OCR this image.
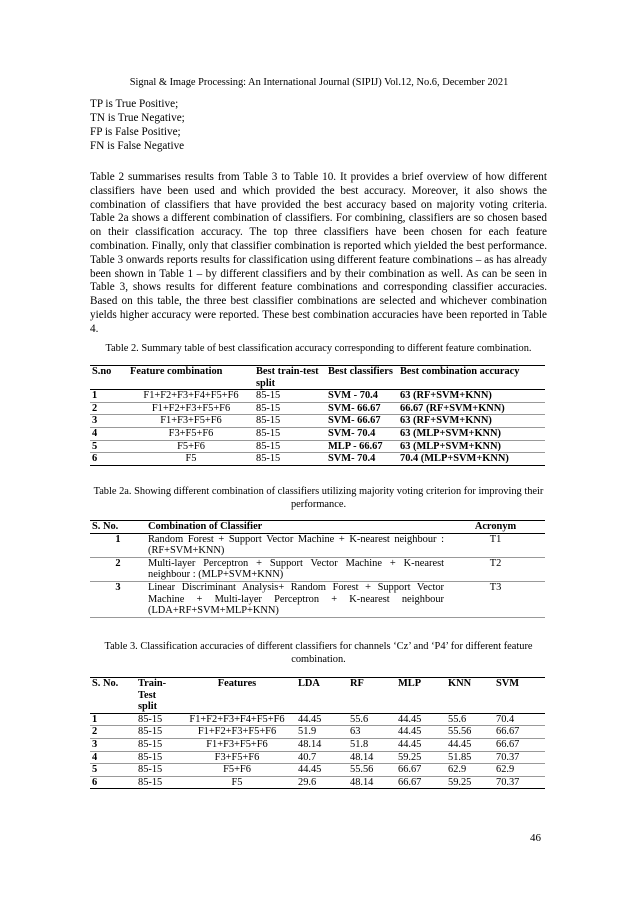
Signal & Image Processing: An International Journal (SIPIJ) Vol.12, No.6, December 2021
TP is True Positive;
TN is True Negative;
FP is False Positive;
FN is False Negative

Table 2 summarises results from Table 3 to Table 10. It provides a brief overview of how different classifiers have been used and which provided the best accuracy. Moreover, it also shows the combination of classifiers that have provided the best accuracy based on majority voting criteria. Table 2a shows a different combination of classifiers. For combining, classifiers are so chosen based on their classification accuracy. The top three classifiers have been chosen for each feature combination. Finally, only that classifier combination is reported which yielded the best performance. Table 3 onwards reports results for classification using different feature combinations – as has already been shown in Table 1 – by different classifiers and by their combination as well. As can be seen in Table 3, shows results for different feature combinations and corresponding classifier accuracies. Based on this table, the three best classifier combinations are selected and whichever combination yields higher accuracy were reported. These best combination accuracies have been reported in Table 4.

Table 2. Summary table of best classification accuracy corresponding to different feature combination.
S.no	Feature combination	Best train-test split	Best classifiers	Best combination accuracy
1	F1+F2+F3+F4+F5+F6	85-15	SVM - 70.4	63 (RF+SVM+KNN)
2	F1+F2+F3+F5+F6	85-15	SVM- 66.67	66.67 (RF+SVM+KNN)
3	F1+F3+F5+F6	85-15	SVM- 66.67	63 (RF+SVM+KNN)
4	F3+F5+F6	85-15	SVM- 70.4	63 (MLP+SVM+KNN)
5	F5+F6	85-15	MLP - 66.67	63 (MLP+SVM+KNN)
6	F5	85-15	SVM- 70.4	70.4 (MLP+SVM+KNN)
Table 2a. Showing different combination of classifiers utilizing majority voting criterion for improving their performance.
S. No.	Combination of Classifier	Acronym
1	Random Forest + Support Vector Machine + K-nearest neighbour : (RF+SVM+KNN)	T1
2	Multi-layer Perceptron + Support Vector Machine + K-nearest neighbour : (MLP+SVM+KNN)	T2
3	Linear Discriminant Analysis+ Random Forest + Support Vector Machine + Multi-layer Perceptron + K-nearest neighbour (LDA+RF+SVM+MLP+KNN)	T3
Table 3. Classification accuracies of different classifiers for channels ‘Cz’ and ‘P4’ for different feature combination.
S. No.	Train-Test split	Features	LDA	RF	MLP	KNN	SVM
1	85-15	F1+F2+F3+F4+F5+F6	44.45	55.6	44.45	55.6	70.4
2	85-15	F1+F2+F3+F5+F6	51.9	63	44.45	55.56	66.67
3	85-15	F1+F3+F5+F6	48.14	51.8	44.45	44.45	66.67
4	85-15	F3+F5+F6	40.7	48.14	59.25	51.85	70.37
5	85-15	F5+F6	44.45	55.56	66.67	62.9	62.9
6	85-15	F5	29.6	48.14	66.67	59.25	70.37
46
